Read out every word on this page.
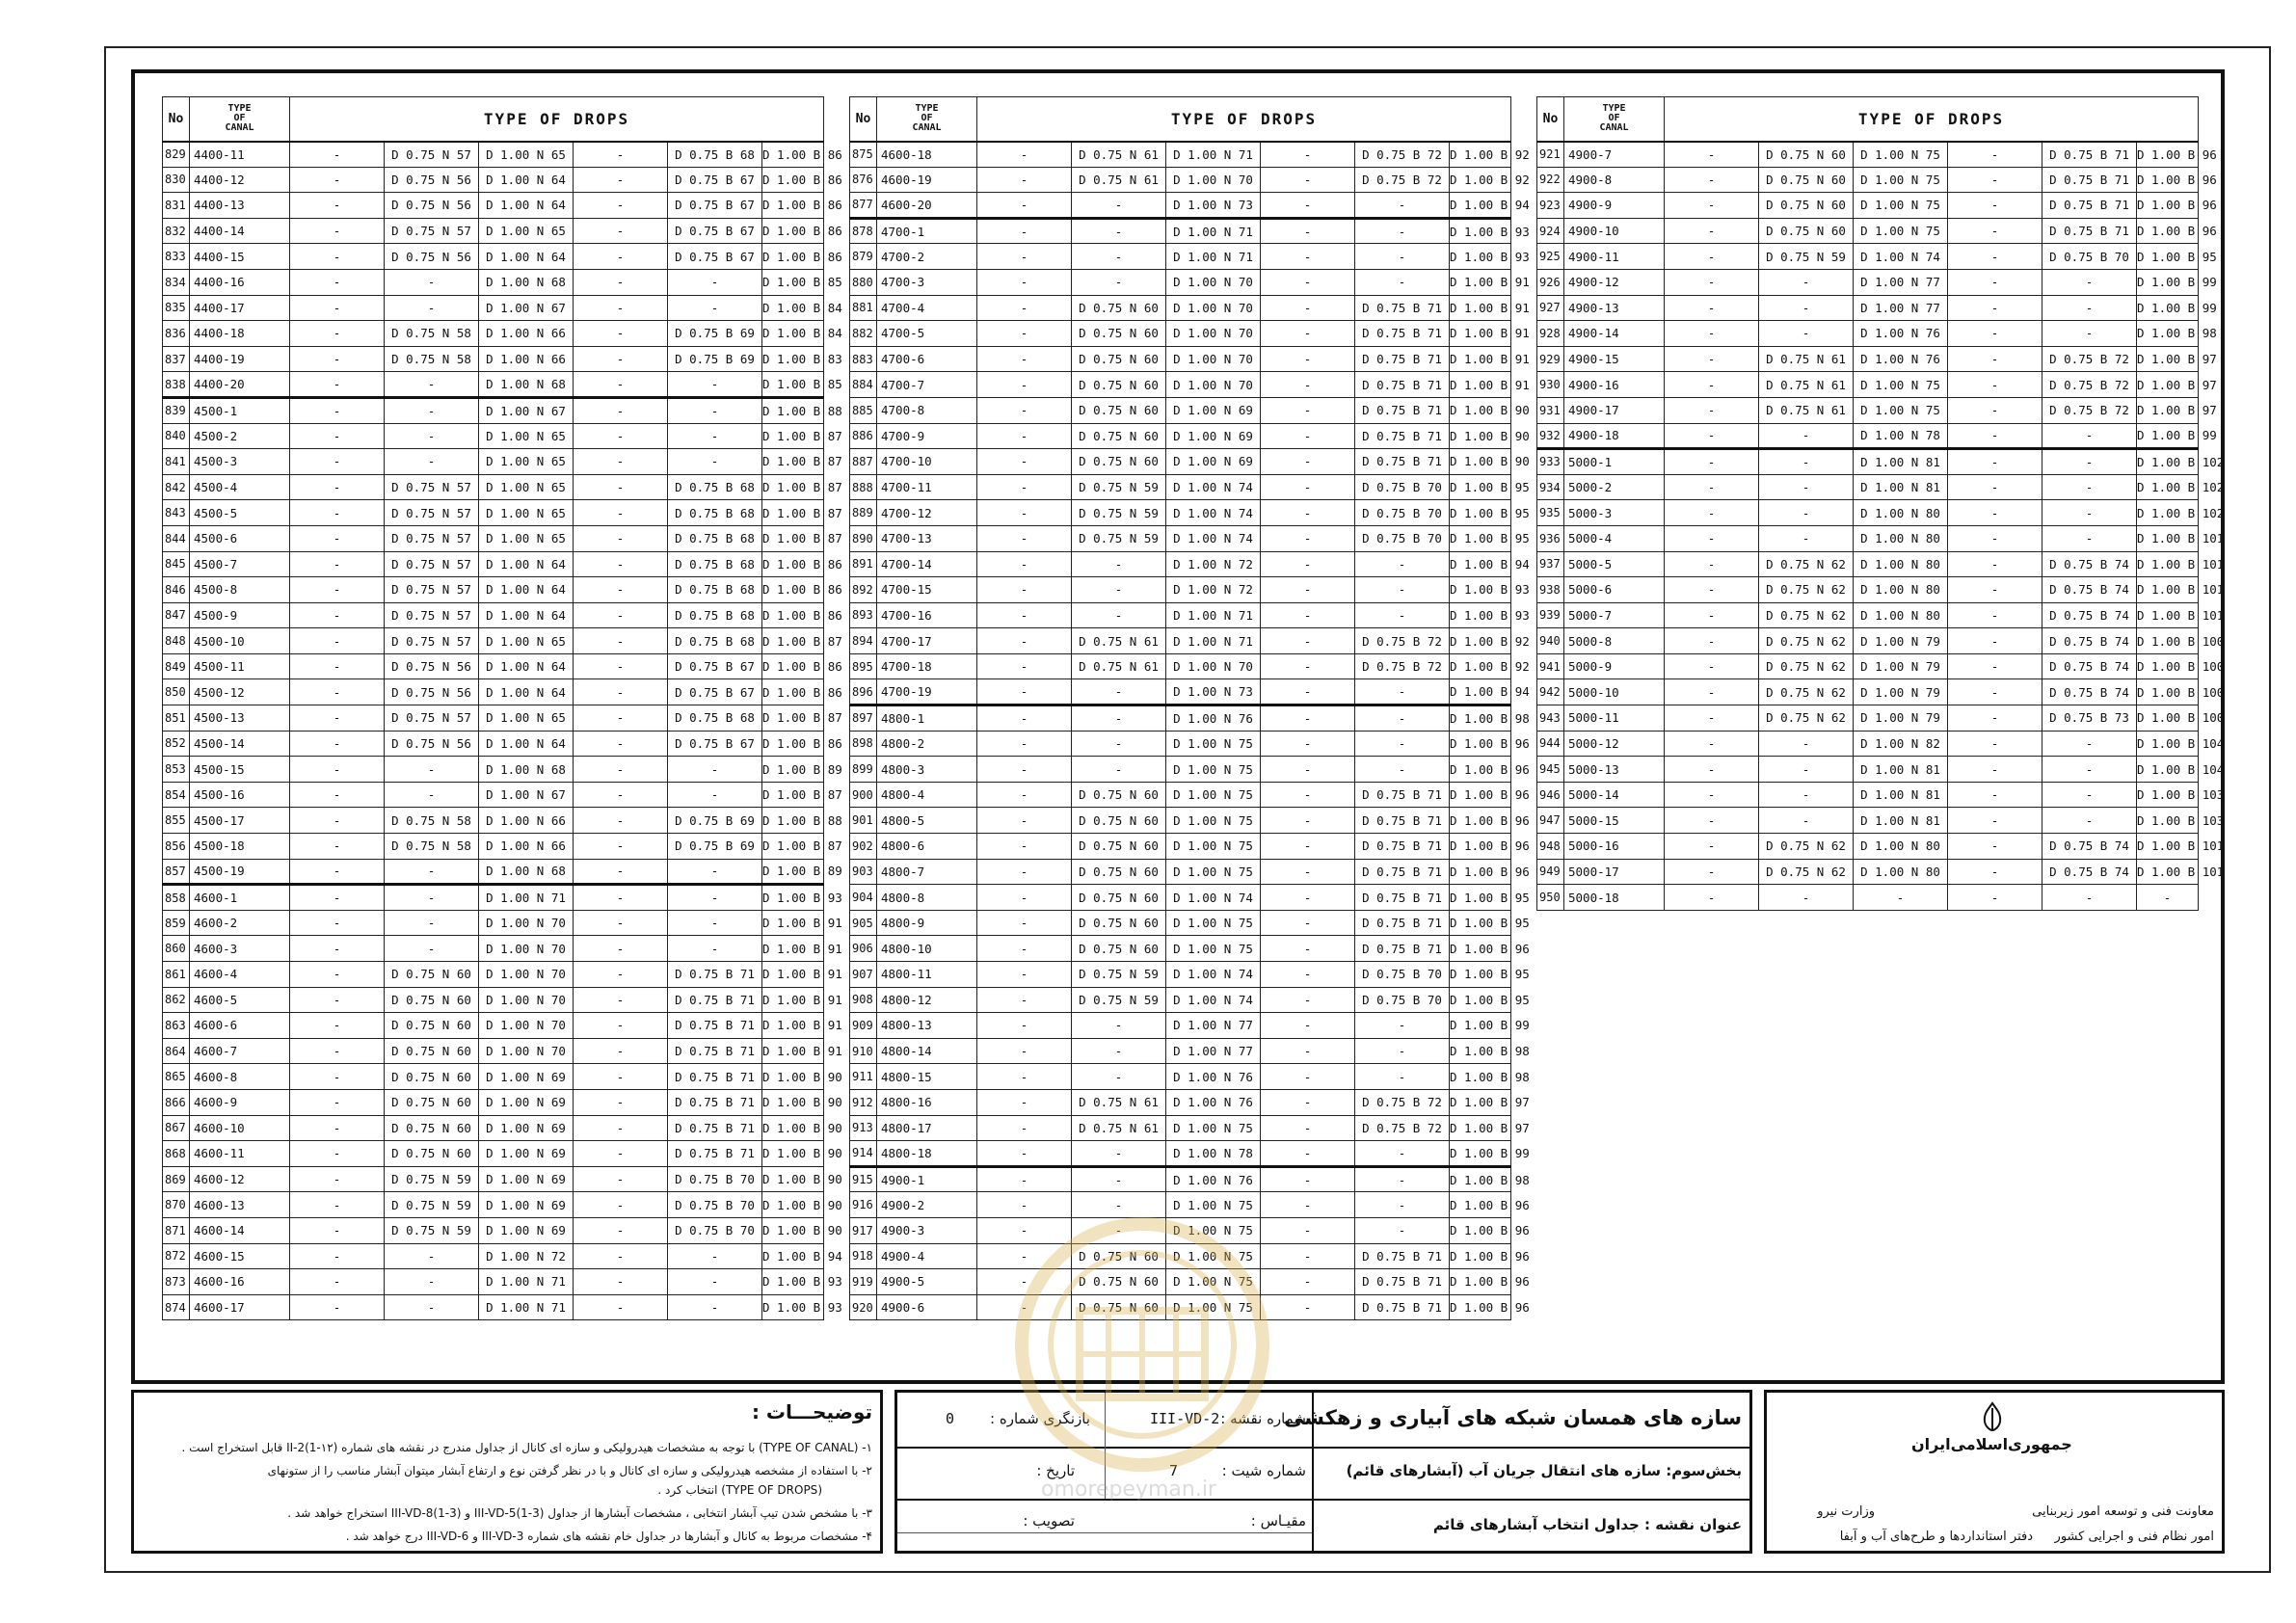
No	TYPE
OF
CANAL	TYPE OF DROPS					
829	4400-11	-	D 0.75 N 57	D 1.00 N 65	-	D 0.75 B 68	D 1.00 B 86
830	4400-12	-	D 0.75 N 56	D 1.00 N 64	-	D 0.75 B 67	D 1.00 B 86
831	4400-13	-	D 0.75 N 56	D 1.00 N 64	-	D 0.75 B 67	D 1.00 B 86
832	4400-14	-	D 0.75 N 57	D 1.00 N 65	-	D 0.75 B 67	D 1.00 B 86
833	4400-15	-	D 0.75 N 56	D 1.00 N 64	-	D 0.75 B 67	D 1.00 B 86
834	4400-16	-	-	D 1.00 N 68	-	-	D 1.00 B 85
835	4400-17	-	-	D 1.00 N 67	-	-	D 1.00 B 84
836	4400-18	-	D 0.75 N 58	D 1.00 N 66	-	D 0.75 B 69	D 1.00 B 84
837	4400-19	-	D 0.75 N 58	D 1.00 N 66	-	D 0.75 B 69	D 1.00 B 83
838	4400-20	-	-	D 1.00 N 68	-	-	D 1.00 B 85
839	4500-1	-	-	D 1.00 N 67	-	-	D 1.00 B 88
840	4500-2	-	-	D 1.00 N 65	-	-	D 1.00 B 87
841	4500-3	-	-	D 1.00 N 65	-	-	D 1.00 B 87
842	4500-4	-	D 0.75 N 57	D 1.00 N 65	-	D 0.75 B 68	D 1.00 B 87
843	4500-5	-	D 0.75 N 57	D 1.00 N 65	-	D 0.75 B 68	D 1.00 B 87
844	4500-6	-	D 0.75 N 57	D 1.00 N 65	-	D 0.75 B 68	D 1.00 B 87
845	4500-7	-	D 0.75 N 57	D 1.00 N 64	-	D 0.75 B 68	D 1.00 B 86
846	4500-8	-	D 0.75 N 57	D 1.00 N 64	-	D 0.75 B 68	D 1.00 B 86
847	4500-9	-	D 0.75 N 57	D 1.00 N 64	-	D 0.75 B 68	D 1.00 B 86
848	4500-10	-	D 0.75 N 57	D 1.00 N 65	-	D 0.75 B 68	D 1.00 B 87
849	4500-11	-	D 0.75 N 56	D 1.00 N 64	-	D 0.75 B 67	D 1.00 B 86
850	4500-12	-	D 0.75 N 56	D 1.00 N 64	-	D 0.75 B 67	D 1.00 B 86
851	4500-13	-	D 0.75 N 57	D 1.00 N 65	-	D 0.75 B 68	D 1.00 B 87
852	4500-14	-	D 0.75 N 56	D 1.00 N 64	-	D 0.75 B 67	D 1.00 B 86
853	4500-15	-	-	D 1.00 N 68	-	-	D 1.00 B 89
854	4500-16	-	-	D 1.00 N 67	-	-	D 1.00 B 87
855	4500-17	-	D 0.75 N 58	D 1.00 N 66	-	D 0.75 B 69	D 1.00 B 88
856	4500-18	-	D 0.75 N 58	D 1.00 N 66	-	D 0.75 B 69	D 1.00 B 87
857	4500-19	-	-	D 1.00 N 68	-	-	D 1.00 B 89
858	4600-1	-	-	D 1.00 N 71	-	-	D 1.00 B 93
859	4600-2	-	-	D 1.00 N 70	-	-	D 1.00 B 91
860	4600-3	-	-	D 1.00 N 70	-	-	D 1.00 B 91
861	4600-4	-	D 0.75 N 60	D 1.00 N 70	-	D 0.75 B 71	D 1.00 B 91
862	4600-5	-	D 0.75 N 60	D 1.00 N 70	-	D 0.75 B 71	D 1.00 B 91
863	4600-6	-	D 0.75 N 60	D 1.00 N 70	-	D 0.75 B 71	D 1.00 B 91
864	4600-7	-	D 0.75 N 60	D 1.00 N 70	-	D 0.75 B 71	D 1.00 B 91
865	4600-8	-	D 0.75 N 60	D 1.00 N 69	-	D 0.75 B 71	D 1.00 B 90
866	4600-9	-	D 0.75 N 60	D 1.00 N 69	-	D 0.75 B 71	D 1.00 B 90
867	4600-10	-	D 0.75 N 60	D 1.00 N 69	-	D 0.75 B 71	D 1.00 B 90
868	4600-11	-	D 0.75 N 60	D 1.00 N 69	-	D 0.75 B 71	D 1.00 B 90
869	4600-12	-	D 0.75 N 59	D 1.00 N 69	-	D 0.75 B 70	D 1.00 B 90
870	4600-13	-	D 0.75 N 59	D 1.00 N 69	-	D 0.75 B 70	D 1.00 B 90
871	4600-14	-	D 0.75 N 59	D 1.00 N 69	-	D 0.75 B 70	D 1.00 B 90
872	4600-15	-	-	D 1.00 N 72	-	-	D 1.00 B 94
873	4600-16	-	-	D 1.00 N 71	-	-	D 1.00 B 93
874	4600-17	-	-	D 1.00 N 71	-	-	D 1.00 B 93
No	TYPE
OF
CANAL	TYPE OF DROPS					
875	4600-18	-	D 0.75 N 61	D 1.00 N 71	-	D 0.75 B 72	D 1.00 B 92
876	4600-19	-	D 0.75 N 61	D 1.00 N 70	-	D 0.75 B 72	D 1.00 B 92
877	4600-20	-	-	D 1.00 N 73	-	-	D 1.00 B 94
878	4700-1	-	-	D 1.00 N 71	-	-	D 1.00 B 93
879	4700-2	-	-	D 1.00 N 71	-	-	D 1.00 B 93
880	4700-3	-	-	D 1.00 N 70	-	-	D 1.00 B 91
881	4700-4	-	D 0.75 N 60	D 1.00 N 70	-	D 0.75 B 71	D 1.00 B 91
882	4700-5	-	D 0.75 N 60	D 1.00 N 70	-	D 0.75 B 71	D 1.00 B 91
883	4700-6	-	D 0.75 N 60	D 1.00 N 70	-	D 0.75 B 71	D 1.00 B 91
884	4700-7	-	D 0.75 N 60	D 1.00 N 70	-	D 0.75 B 71	D 1.00 B 91
885	4700-8	-	D 0.75 N 60	D 1.00 N 69	-	D 0.75 B 71	D 1.00 B 90
886	4700-9	-	D 0.75 N 60	D 1.00 N 69	-	D 0.75 B 71	D 1.00 B 90
887	4700-10	-	D 0.75 N 60	D 1.00 N 69	-	D 0.75 B 71	D 1.00 B 90
888	4700-11	-	D 0.75 N 59	D 1.00 N 74	-	D 0.75 B 70	D 1.00 B 95
889	4700-12	-	D 0.75 N 59	D 1.00 N 74	-	D 0.75 B 70	D 1.00 B 95
890	4700-13	-	D 0.75 N 59	D 1.00 N 74	-	D 0.75 B 70	D 1.00 B 95
891	4700-14	-	-	D 1.00 N 72	-	-	D 1.00 B 94
892	4700-15	-	-	D 1.00 N 72	-	-	D 1.00 B 93
893	4700-16	-	-	D 1.00 N 71	-	-	D 1.00 B 93
894	4700-17	-	D 0.75 N 61	D 1.00 N 71	-	D 0.75 B 72	D 1.00 B 92
895	4700-18	-	D 0.75 N 61	D 1.00 N 70	-	D 0.75 B 72	D 1.00 B 92
896	4700-19	-	-	D 1.00 N 73	-	-	D 1.00 B 94
897	4800-1	-	-	D 1.00 N 76	-	-	D 1.00 B 98
898	4800-2	-	-	D 1.00 N 75	-	-	D 1.00 B 96
899	4800-3	-	-	D 1.00 N 75	-	-	D 1.00 B 96
900	4800-4	-	D 0.75 N 60	D 1.00 N 75	-	D 0.75 B 71	D 1.00 B 96
901	4800-5	-	D 0.75 N 60	D 1.00 N 75	-	D 0.75 B 71	D 1.00 B 96
902	4800-6	-	D 0.75 N 60	D 1.00 N 75	-	D 0.75 B 71	D 1.00 B 96
903	4800-7	-	D 0.75 N 60	D 1.00 N 75	-	D 0.75 B 71	D 1.00 B 96
904	4800-8	-	D 0.75 N 60	D 1.00 N 74	-	D 0.75 B 71	D 1.00 B 95
905	4800-9	-	D 0.75 N 60	D 1.00 N 75	-	D 0.75 B 71	D 1.00 B 95
906	4800-10	-	D 0.75 N 60	D 1.00 N 75	-	D 0.75 B 71	D 1.00 B 96
907	4800-11	-	D 0.75 N 59	D 1.00 N 74	-	D 0.75 B 70	D 1.00 B 95
908	4800-12	-	D 0.75 N 59	D 1.00 N 74	-	D 0.75 B 70	D 1.00 B 95
909	4800-13	-	-	D 1.00 N 77	-	-	D 1.00 B 99
910	4800-14	-	-	D 1.00 N 77	-	-	D 1.00 B 98
911	4800-15	-	-	D 1.00 N 76	-	-	D 1.00 B 98
912	4800-16	-	D 0.75 N 61	D 1.00 N 76	-	D 0.75 B 72	D 1.00 B 97
913	4800-17	-	D 0.75 N 61	D 1.00 N 75	-	D 0.75 B 72	D 1.00 B 97
914	4800-18	-	-	D 1.00 N 78	-	-	D 1.00 B 99
915	4900-1	-	-	D 1.00 N 76	-	-	D 1.00 B 98
916	4900-2	-	-	D 1.00 N 75	-	-	D 1.00 B 96
917	4900-3	-	-	D 1.00 N 75	-	-	D 1.00 B 96
918	4900-4	-	D 0.75 N 60	D 1.00 N 75	-	D 0.75 B 71	D 1.00 B 96
919	4900-5	-	D 0.75 N 60	D 1.00 N 75	-	D 0.75 B 71	D 1.00 B 96
920	4900-6	-	D 0.75 N 60	D 1.00 N 75	-	D 0.75 B 71	D 1.00 B 96
No	TYPE
OF
CANAL	TYPE OF DROPS					
921	4900-7	-	D 0.75 N 60	D 1.00 N 75	-	D 0.75 B 71	D 1.00 B 96
922	4900-8	-	D 0.75 N 60	D 1.00 N 75	-	D 0.75 B 71	D 1.00 B 96
923	4900-9	-	D 0.75 N 60	D 1.00 N 75	-	D 0.75 B 71	D 1.00 B 96
924	4900-10	-	D 0.75 N 60	D 1.00 N 75	-	D 0.75 B 71	D 1.00 B 96
925	4900-11	-	D 0.75 N 59	D 1.00 N 74	-	D 0.75 B 70	D 1.00 B 95
926	4900-12	-	-	D 1.00 N 77	-	-	D 1.00 B 99
927	4900-13	-	-	D 1.00 N 77	-	-	D 1.00 B 99
928	4900-14	-	-	D 1.00 N 76	-	-	D 1.00 B 98
929	4900-15	-	D 0.75 N 61	D 1.00 N 76	-	D 0.75 B 72	D 1.00 B 97
930	4900-16	-	D 0.75 N 61	D 1.00 N 75	-	D 0.75 B 72	D 1.00 B 97
931	4900-17	-	D 0.75 N 61	D 1.00 N 75	-	D 0.75 B 72	D 1.00 B 97
932	4900-18	-	-	D 1.00 N 78	-	-	D 1.00 B 99
933	5000-1	-	-	D 1.00 N 81	-	-	D 1.00 B 102
934	5000-2	-	-	D 1.00 N 81	-	-	D 1.00 B 102
935	5000-3	-	-	D 1.00 N 80	-	-	D 1.00 B 102
936	5000-4	-	-	D 1.00 N 80	-	-	D 1.00 B 101
937	5000-5	-	D 0.75 N 62	D 1.00 N 80	-	D 0.75 B 74	D 1.00 B 101
938	5000-6	-	D 0.75 N 62	D 1.00 N 80	-	D 0.75 B 74	D 1.00 B 101
939	5000-7	-	D 0.75 N 62	D 1.00 N 80	-	D 0.75 B 74	D 1.00 B 101
940	5000-8	-	D 0.75 N 62	D 1.00 N 79	-	D 0.75 B 74	D 1.00 B 100
941	5000-9	-	D 0.75 N 62	D 1.00 N 79	-	D 0.75 B 74	D 1.00 B 100
942	5000-10	-	D 0.75 N 62	D 1.00 N 79	-	D 0.75 B 74	D 1.00 B 100
943	5000-11	-	D 0.75 N 62	D 1.00 N 79	-	D 0.75 B 73	D 1.00 B 100
944	5000-12	-	-	D 1.00 N 82	-	-	D 1.00 B 104
945	5000-13	-	-	D 1.00 N 81	-	-	D 1.00 B 104
946	5000-14	-	-	D 1.00 N 81	-	-	D 1.00 B 103
947	5000-15	-	-	D 1.00 N 81	-	-	D 1.00 B 103
948	5000-16	-	D 0.75 N 62	D 1.00 N 80	-	D 0.75 B 74	D 1.00 B 101
949	5000-17	-	D 0.75 N 62	D 1.00 N 80	-	D 0.75 B 74	D 1.00 B 101
950	5000-18	-	-	-	-	-	-
توضیحـــات :
۱- (TYPE OF CANAL) با توجه به مشخصات هیدرولیکی و سازه ای کانال از جداول مندرج در نقشه های شماره (۱۲-II-2(1 قابل استخراج است .
۲- با استفاده از مشخصه هیدرولیکی و سازه ای کانال و با در نظر گرفتن نوع و ارتفاع آبشار میتوان آبشار مناسب را از ستونهای
(TYPE OF DROPS) انتخاب کرد .
۳- با مشخص شدن تیپ آبشار انتخابی ، مشخصات آبشارها از جداول (III-VD-5(1-3 و (III-VD-8(1-3 استخراج خواهد شد .
۴- مشخصات مربوط به کانال و آبشارها در جداول خام نقشه های شماره III-VD-3 و III-VD-6 درج خواهد شد .
سازه های همسان شبکه های آبیاری و زهکشی
بخش‌سوم: سازه های انتقال جریان آب (آبشارهای قائم)
عنوان نقشه : جداول انتخاب آبشارهای قائم
شماره نقشه :
III-VD-2
بازنگری شماره :
0
شماره شیت :
7
تاریخ :
مقیـاس :
تصویب :
جمهوری‌اسلامی‌ایران
معاونت فنی و توسعه امور زیربنایی
امور نظام فنی و اجرایی کشور
وزارت نیرو
دفتر استانداردها و طرح‌های آب و آبفا
omorepeyman.ir
